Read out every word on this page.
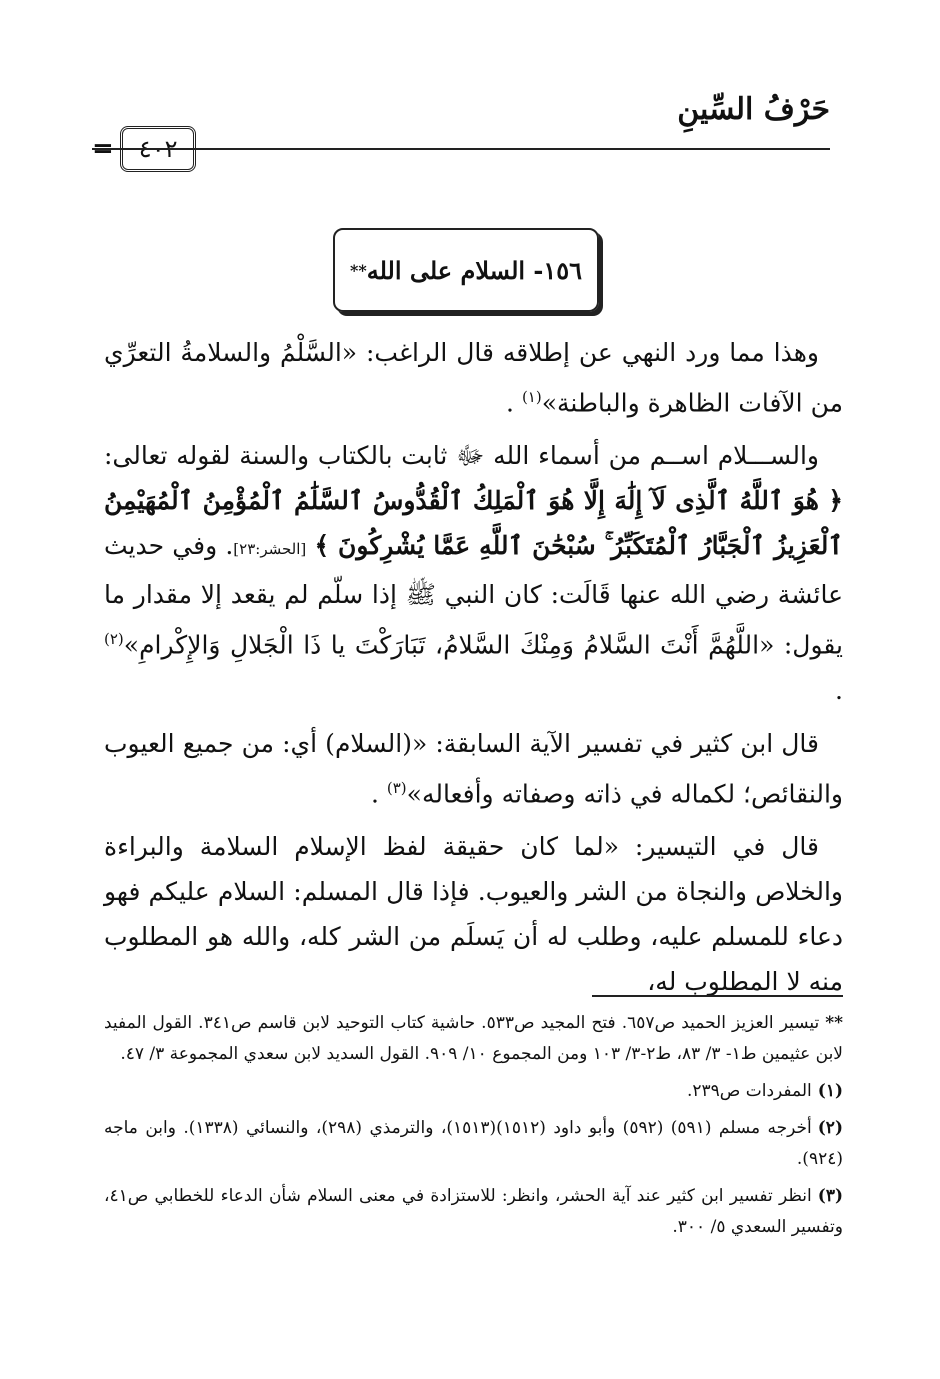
حَرْفُ السِّينِ
=	٤٠٢
١٥٦-

السلام على الله
**

وهذا مما ورد النهي عن إطلاقه قال الراغب: «السَّلْمُ والسلامةُ التعرِّي من الآفات الظاهرة والباطنة»$^{(١)}$ .

والســـلام اســم من أسماء الله ﷻ ثابت بالكتاب والسنة لقوله تعالى: ﴿ هُوَ ٱللَّهُ ٱلَّذِى لَآ إِلَٰهَ إِلَّا هُوَ ٱلْمَلِكُ ٱلْقُدُّوسُ ٱلسَّلَٰمُ ٱلْمُؤْمِنُ ٱلْمُهَيْمِنُ ٱلْعَزِيزُ ٱلْجَبَّارُ ٱلْمُتَكَبِّرُ ۚ سُبْحَٰنَ ٱللَّهِ عَمَّا يُشْرِكُونَ ﴾ [الحشر:٢٣]. وفي حديث عائشة رضي الله عنها قَالَت: كان النبي ﷺ إذا سلّم لم يقعد إلا مقدار ما يقول: «اللَّهُمَّ أَنْتَ السَّلامُ وَمِنْكَ السَّلامُ، تَبَارَكْتَ يا ذَا الْجَلالِ وَالإِكْرامِ»$^{(٢)}$ .

قال ابن كثير في تفسير الآية السابقة: «(السلام) أي: من جميع العيوب والنقائص؛ لكماله في ذاته وصفاته وأفعاله»$^{(٣)}$ .

قال في التيسير: «لما كان حقيقة لفظ الإسلام السلامة والبراءة والخلاص والنجاة من الشر والعيوب. فإذا قال المسلم: السلام عليكم فهو دعاء للمسلم عليه، وطلب له أن يَسلَم من الشر كله، والله هو المطلوب منه لا المطلوب له،

**تيسير العزيز الحميد ص٦٥٧. فتح المجيد ص٥٣٣. حاشية كتاب التوحيد لابن قاسم ص٣٤١. القول المفيد لابن عثيمين ط١- ٣/ ٨٣، ط٢-٣/ ١٠٣ ومن المجموع ١٠/ ٩٠٩. القول السديد لابن سعدي المجموعة ٣/ ٤٧.
(١)المفردات ص٢٣٩.
(٢)أخرجه مسلم (٥٩١) (٥٩٢) وأبو داود (١٥١٢)(١٥١٣)، والترمذي (٢٩٨)، والنسائي (١٣٣٨). وابن ماجه (٩٢٤).
(٣)انظر تفسير ابن كثير عند آية الحشر، وانظر: للاستزادة في معنى السلام شأن الدعاء للخطابي ص٤١، وتفسير السعدي ٥/ ٣٠٠.
